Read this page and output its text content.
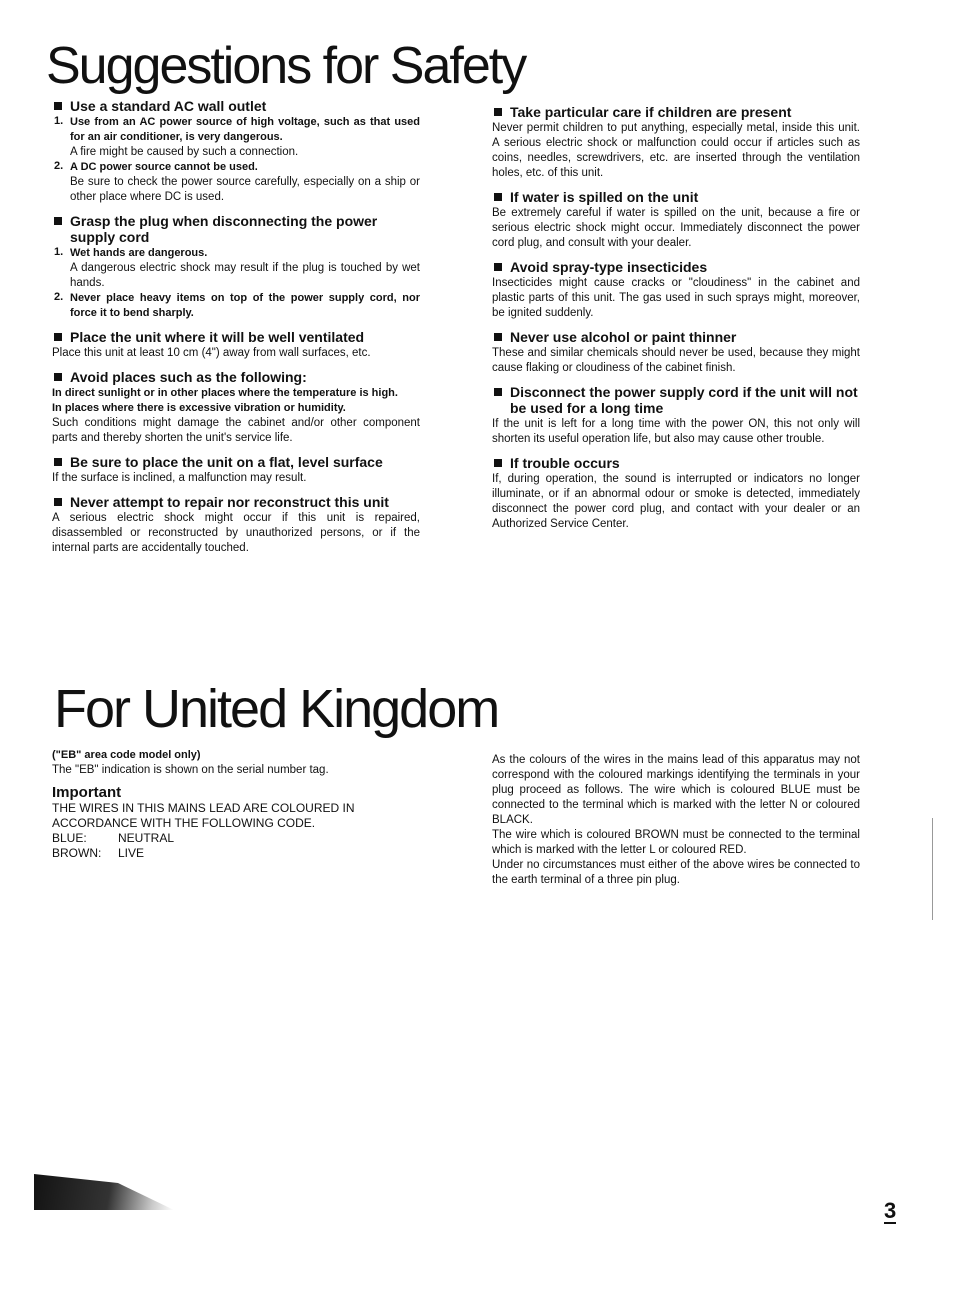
Suggestions for Safety
Use a standard AC wall outlet
1. Use from an AC power source of high voltage, such as that used for an air conditioner, is very dangerous.

A fire might be caused by such a connection.

2. A DC power source cannot be used.

Be sure to check the power source carefully, especially on a ship or other place where DC is used.

Grasp the plug when disconnecting the power supply cord
1. Wet hands are dangerous.

A dangerous electric shock may result if the plug is touched by wet hands.

2. Never place heavy items on top of the power supply cord, nor force it to bend sharply.

Place the unit where it will be well ventilated

Place this unit at least 10 cm (4") away from wall surfaces, etc.

Avoid places such as the following:

In direct sunlight or in other places where the temperature is high.

In places where there is excessive vibration or humidity.

Such conditions might damage the cabinet and/or other component parts and thereby shorten the unit's service life.

Be sure to place the unit on a flat, level surface

If the surface is inclined, a malfunction may result.

Never attempt to repair nor reconstruct this unit

A serious electric shock might occur if this unit is repaired, disassembled or reconstructed by unauthorized persons, or if the internal parts are accidentally touched.

Take particular care if children are present

Never permit children to put anything, especially metal, inside this unit. A serious electric shock or malfunction could occur if articles such as coins, needles, screwdrivers, etc. are inserted through the ventilation holes, etc. of this unit.

If water is spilled on the unit

Be extremely careful if water is spilled on the unit, because a fire or serious electric shock might occur. Immediately disconnect the power cord plug, and consult with your dealer.

Avoid spray-type insecticides

Insecticides might cause cracks or "cloudiness" in the cabinet and plastic parts of this unit. The gas used in such sprays might, moreover, be ignited suddenly.

Never use alcohol or paint thinner

These and similar chemicals should never be used, because they might cause flaking or cloudiness of the cabinet finish.

Disconnect the power supply cord if the unit will not be used for a long time

If the unit is left for a long time with the power ON, this not only will shorten its useful operation life, but also may cause other trouble.

If trouble occurs

If, during operation, the sound is interrupted or indicators no longer illuminate, or if an abnormal odour or smoke is detected, immediately disconnect the power cord plug, and contact with your dealer or an Authorized Service Center.

For United Kingdom

("EB" area code model only)

The "EB" indication is shown on the serial number tag.

Important

THE WIRES IN THIS MAINS LEAD ARE COLOURED IN ACCORDANCE WITH THE FOLLOWING CODE.

BLUE:	NEUTRAL
BROWN:	LIVE

As the colours of the wires in the mains lead of this apparatus may not correspond with the coloured markings identifying the terminals in your plug proceed as follows. The wire which is coloured BLUE must be connected to the terminal which is marked with the letter N or coloured BLACK.

The wire which is coloured BROWN must be connected to the terminal which is marked with the letter L or coloured RED.

Under no circumstances must either of the above wires be connected to the earth terminal of a three pin plug.

3
